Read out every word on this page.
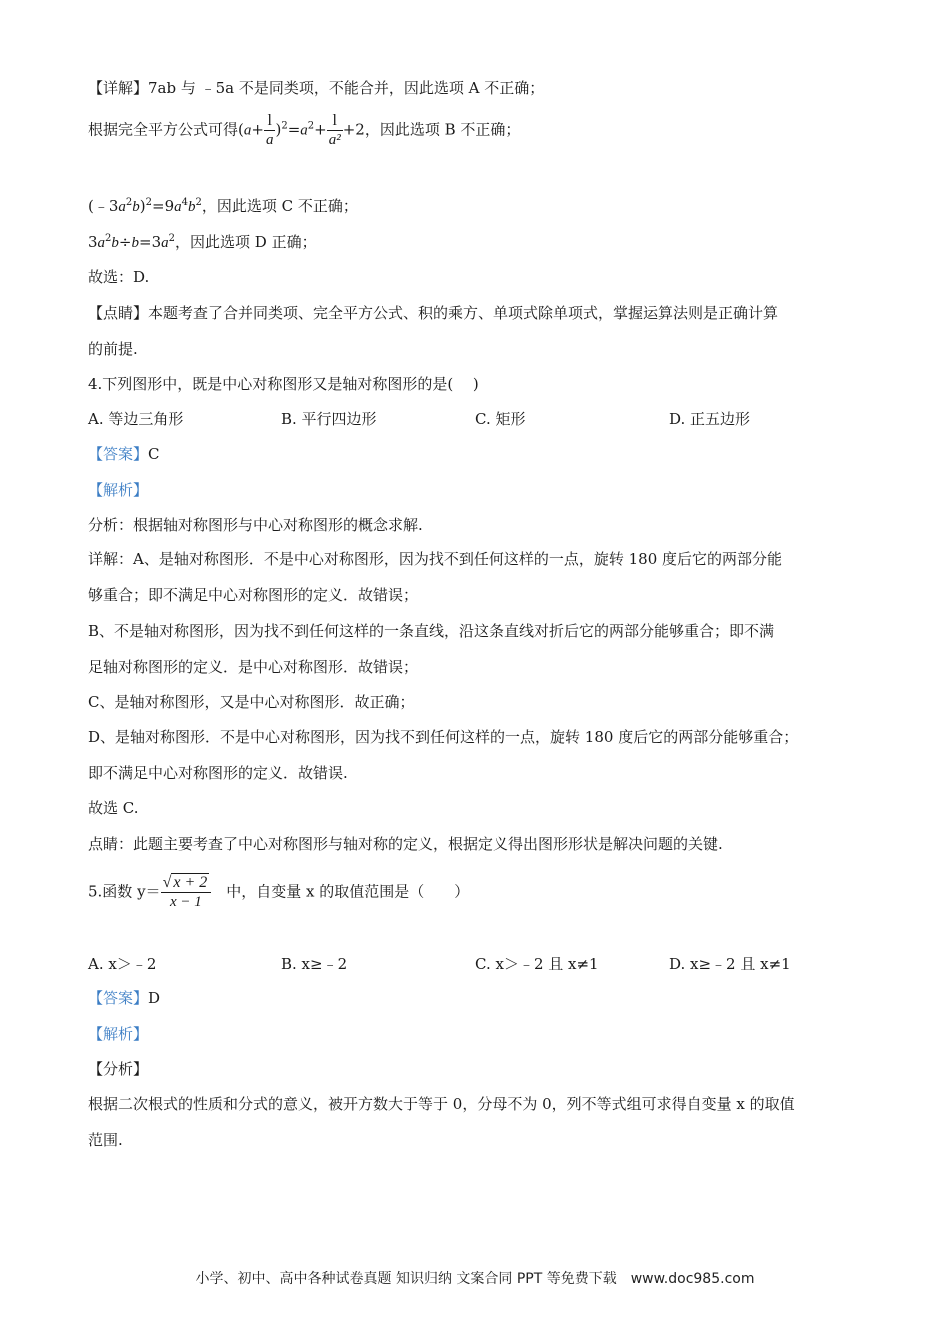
【详解】7ab 与 ﹣5a 不是同类项，不能合并，因此选项 A 不正确；
根据完全平方公式可得$(a+ \frac{l}{a} )^2=a^2+ \frac{l}{\text{a²}} +2$，因此选项 B 不正确；
$(﹣3a^2b)^2=9a^4b^2$，因此选项 C 不正确；
$3a^2b\div b=3a^2$，因此选项 D 正确；
故选：D.
【点睛】本题考查了合并同类项、完全平方公式、积的乘方、单项式除单项式，掌握运算法则是正确计算
的前提.
4.下列图形中，既是中心对称图形又是轴对称图形的是(　 )
A. 等边三角形	B. 平行四边形	C. 矩形	D. 正五边形
【答案】C
【解析】
分析：根据轴对称图形与中心对称图形的概念求解.
详解：A、是轴对称图形．不是中心对称图形，因为找不到任何这样的一点，旋转 180 度后它的两部分能
够重合；即不满足中心对称图形的定义．故错误；
B、不是轴对称图形，因为找不到任何这样的一条直线，沿这条直线对折后它的两部分能够重合；即不满
足轴对称图形的定义．是中心对称图形．故错误；
C、是轴对称图形，又是中心对称图形．故正确；
D、是轴对称图形．不是中心对称图形，因为找不到任何这样的一点，旋转 180 度后它的两部分能够重合；
即不满足中心对称图形的定义．故错误.
故选 C.
点睛：此题主要考查了中心对称图形与轴对称的定义，根据定义得出图形形状是解决问题的关键.
5.函数 $y= \frac{√ x + 2}{x - 1}$
　 中，自变量 x 的取值范围是（　　）
A. x＞﹣2	B. x≥﹣2	C. x＞﹣2 且 x≠1	D. x≥﹣2 且 x≠1
【答案】D
【解析】
【分析】
根据二次根式的性质和分式的意义，被开方数大于等于 0，分母不为 0，列不等式组可求得自变量 x 的取值
范围.
小学、初中、高中各种试卷真题 知识归纳 文案合同 PPT 等免费下载　www.doc985.com
